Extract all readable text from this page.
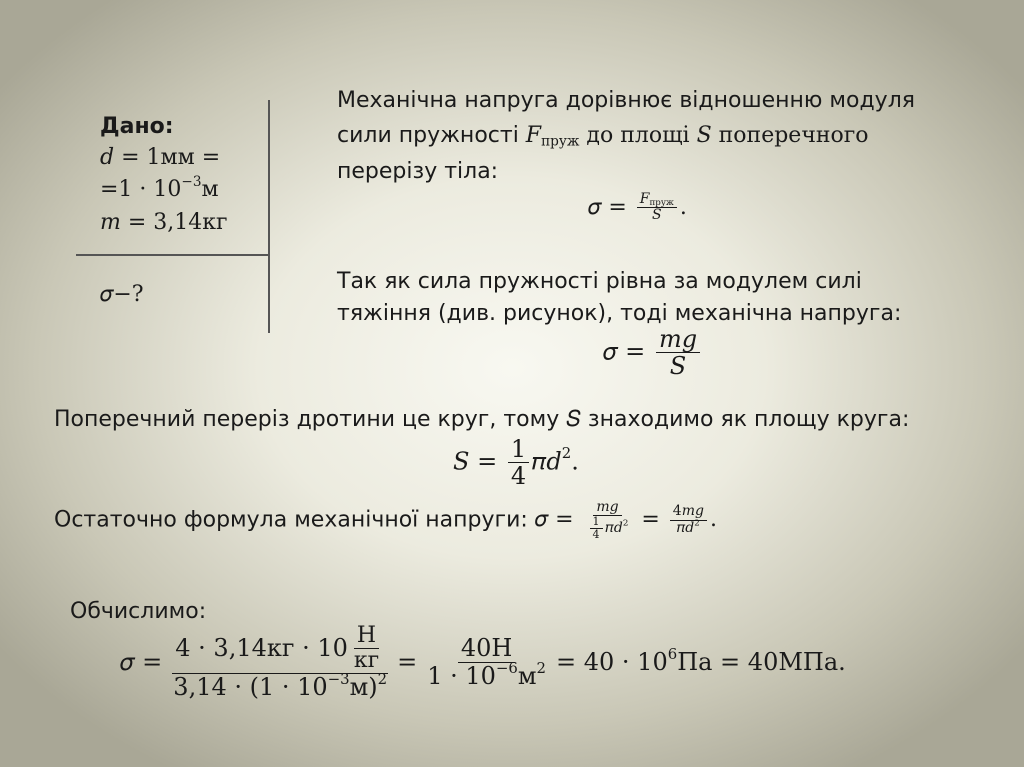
Дано:
𝑑 = 1мм =
$=1 \cdot 10^{-3}м$
𝑚 = 3,14кг
𝜎−?
Механічна напруга дорівнює відношенню модуля
сили пружності 𝐹$_{пруж}$ до площі 𝑆 поперечного
перерізу тіла:
𝜎 = $\frac{𝐹_{пруж}}{\text{𝑆}}$ .
Так як сила пружності рівна за модулем силі
тяжіння (див. рисунок), тоді механічна напруга:
𝜎 = $\frac{\text{𝑚𝑔}}{\text{𝑆}}$
Поперечний переріз дротини це круг, тому 𝑆 знаходимо як площу круга:
𝑆 = $\frac{1}{4}$ 𝜋𝑑$^2$.
Остаточно формула механічної напруги: 𝜎 = $\frac{\text{𝑚𝑔}}{\frac{1}{4} 𝜋𝑑^2} = \frac{\text{4𝑚𝑔}}{𝜋𝑑^2}$ .
Обчислимо:
𝜎 = $\frac{4 \cdot 3,14кг \cdot 10 \frac{Н}{кг}}{3,14 \cdot (1 \cdot 10^{-3}м)^2} = \frac{40Н}{1 \cdot 10^{-6}м^2} = 40 \cdot 10^6Па = 40МПа$.
